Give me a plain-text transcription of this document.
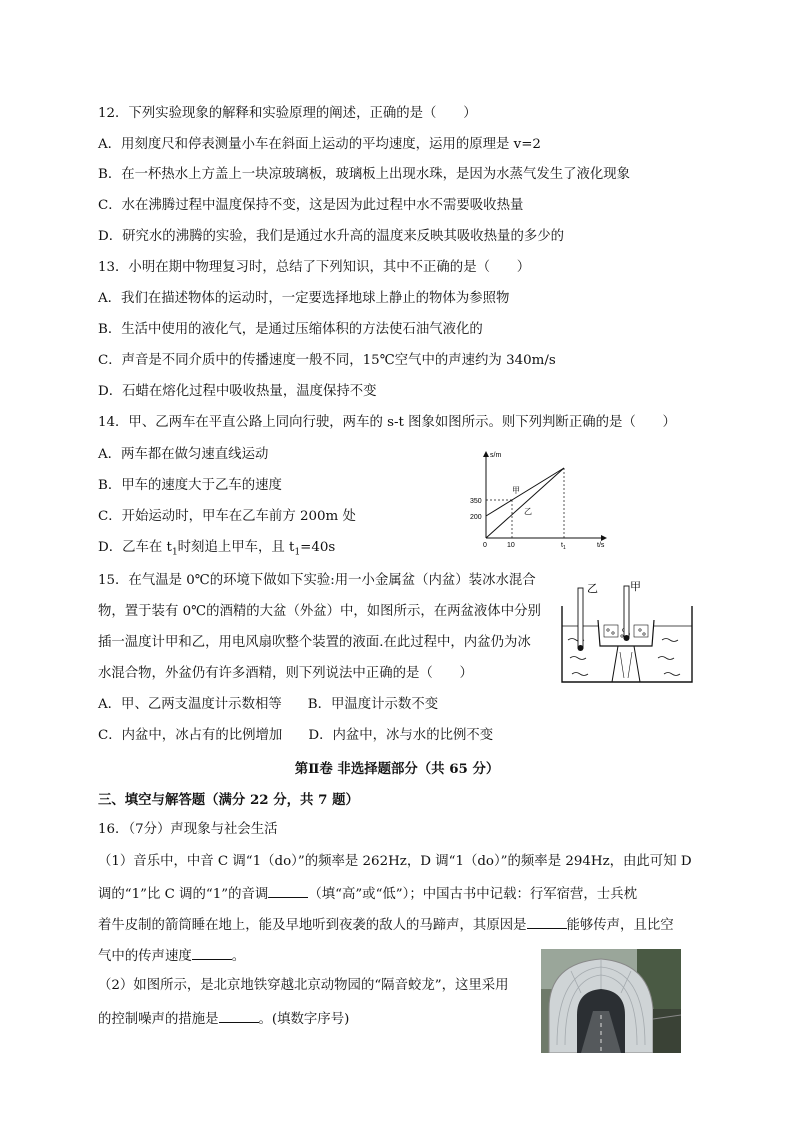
12．下列实验现象的解释和实验原理的阐述，正确的是（　　）
A．用刻度尺和停表测量小车在斜面上运动的平均速度，运用的原理是 v=2
B．在一杯热水上方盖上一块凉玻璃板，玻璃板上出现水珠，是因为水蒸气发生了液化现象
C．水在沸腾过程中温度保持不变，这是因为此过程中水不需要吸收热量
D．研究水的沸腾的实验，我们是通过水升高的温度来反映其吸收热量的多少的
13．小明在期中物理复习时，总结了下列知识，其中不正确的是（　　）
A．我们在描述物体的运动时，一定要选择地球上静止的物体为参照物
B．生活中使用的液化气，是通过压缩体积的方法使石油气液化的
C．声音是不同介质中的传播速度一般不同，15℃空气中的声速约为 340m/s
D．石蜡在熔化过程中吸收热量，温度保持不变
14．甲、乙两车在平直公路上同向行驶，两车的 s-t 图象如图所示。则下列判断正确的是（　　）
A．两车都在做匀速直线运动
B．甲车的速度大于乙车的速度
C．开始运动时，甲车在乙车前方 200m 处
D．乙车在 $t_1$时刻追上甲车，且 $t_1=40s$
s/m
t/s
0
350
200
10	$t_1$
甲
乙
15．在气温是 0℃的环境下做如下实验:用一小金属盆（内盆）装冰水混合
物，置于装有 0℃的酒精的大盆（外盆）中，如图所示，在两盆液体中分别
插一温度计甲和乙，用电风扇吹整个装置的液面.在此过程中，内盆仍为冰
水混合物，外盆仍有许多酒精，则下列说法中正确的是（　　）
A．甲、乙两支温度计示数相等 B．甲温度计示数不变
C．内盆中，冰占有的比例增加 D．内盆中，冰与水的比例不变
乙	甲
第Ⅱ卷 非选择题部分（共 65 分）
三、填空与解答题（满分 22 分，共 7 题）
16．（7分）声现象与社会生活
（1）音乐中，中音 C 调“1（do）”的频率是 262Hz，D 调“1（do）”的频率是 294Hz，由此可知 D
调的“1”比 C 调的“1”的音调	（填“高”或“低”）；中国古书中记载：行军宿营，士兵枕
着牛皮制的箭筒睡在地上，能及早地听到夜袭的敌人的马蹄声，其原因是	能够传声，且比空
气中的传声速度	。
（2）如图所示，是北京地铁穿越北京动物园的“隔音蛟龙”，这里采用
的控制噪声的措施是	。(填数字序号)
